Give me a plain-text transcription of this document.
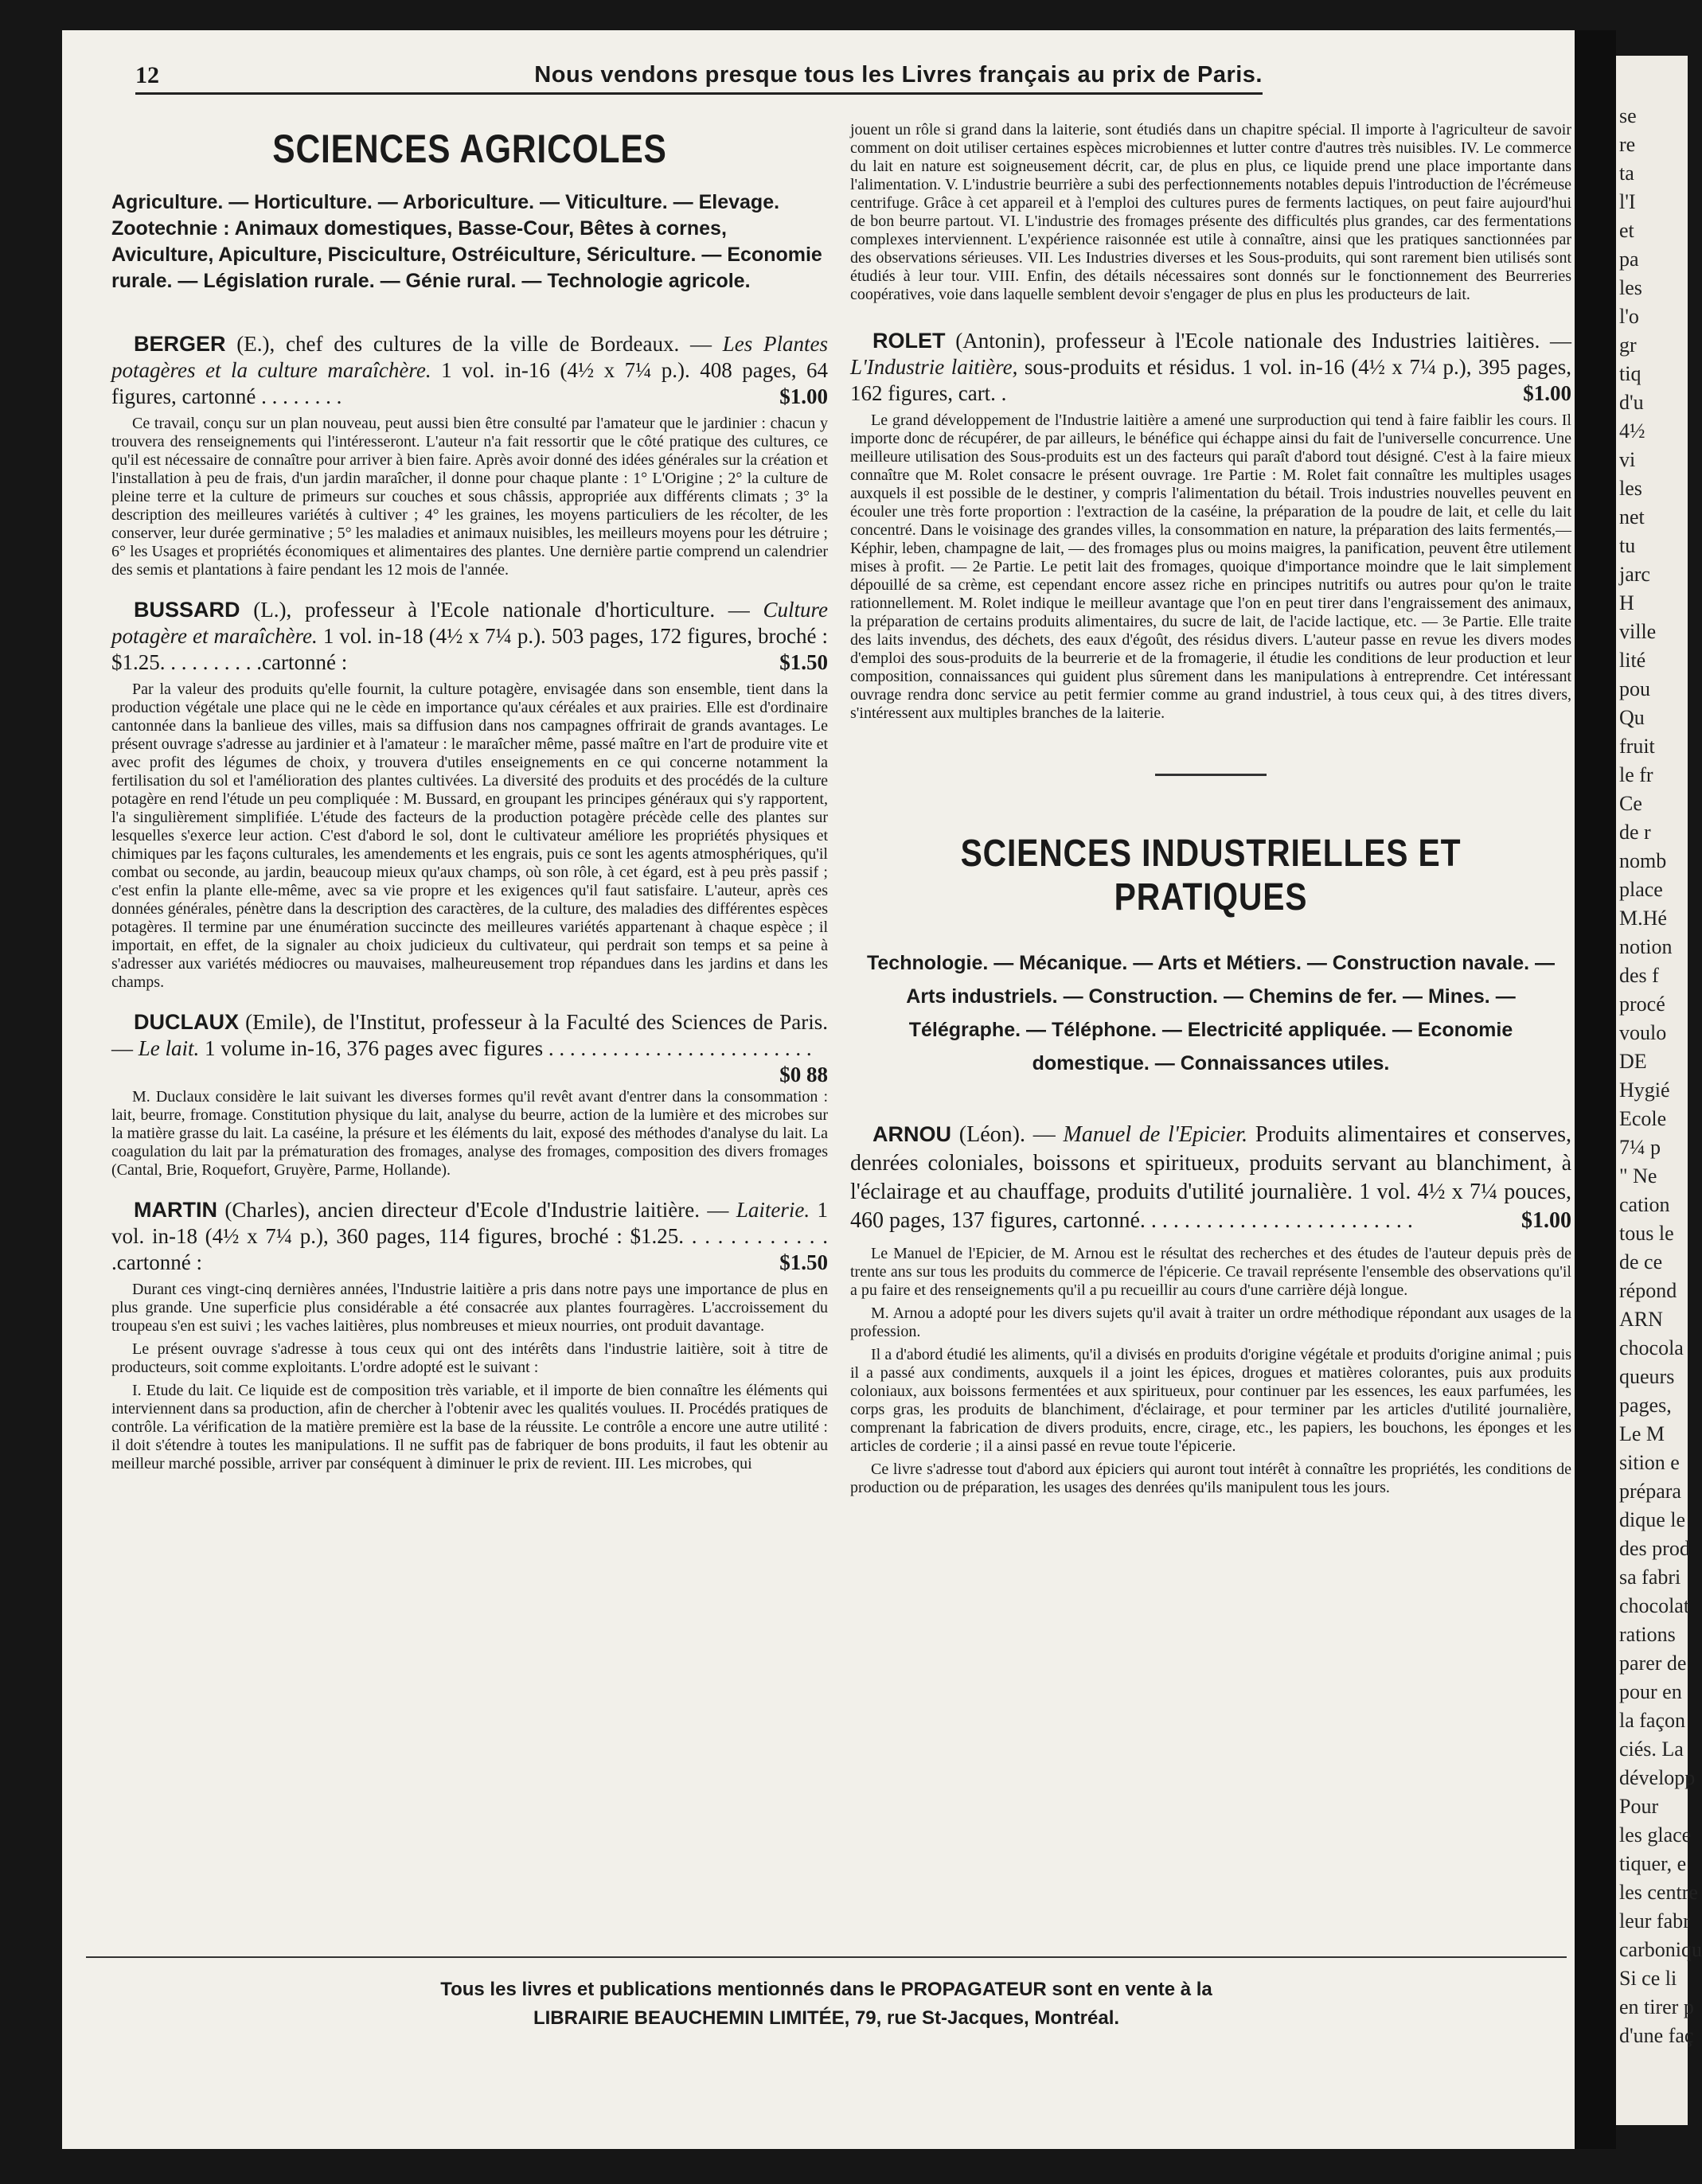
12	Nous vendons presque tous les Livres français au prix de Paris.
SCIENCES AGRICOLES
Agriculture. — Horticulture. — Arboriculture. — Viticulture. — Elevage. Zootechnie : Animaux domestiques, Basse-Cour, Bêtes à cornes, Aviculture, Apiculture, Pisciculture, Ostréiculture, Sériculture. — Economie rurale. — Législation rurale. — Génie rural. — Technologie agricole.
BERGER (E.), chef des cultures de la ville de Bordeaux. — Les Plantes potagères et la culture maraîchère. 1 vol. in-16 (4½ x 7¼ p.). 408 pages, 64 figures, cartonné . . . . . . . .	$1.00

Ce travail, conçu sur un plan nouveau, peut aussi bien être consulté par l'amateur que le jardinier : chacun y trouvera des renseignements qui l'intéresseront. L'auteur n'a fait ressortir que le côté pratique des cultures, ce qu'il est nécessaire de connaître pour arriver à bien faire. Après avoir donné des idées générales sur la création et l'installation à peu de frais, d'un jardin maraîcher, il donne pour chaque plante : 1° L'Origine ; 2° la culture de pleine terre et la culture de primeurs sur couches et sous châssis, appropriée aux différents climats ; 3° la description des meilleures variétés à cultiver ; 4° les graines, les moyens particuliers de les récolter, de les conserver, leur durée germinative ; 5° les maladies et animaux nuisibles, les meilleurs moyens pour les détruire ; 6° les Usages et propriétés économiques et alimentaires des plantes. Une dernière partie comprend un calendrier des semis et plantations à faire pendant les 12 mois de l'année.

BUSSARD (L.), professeur à l'Ecole nationale d'horticulture. — Culture potagère et maraîchère. 1 vol. in-18 (4½ x 7¼ p.). 503 pages, 172 figures, broché : $1.25. . . . . . . . . .cartonné :	$1.50

Par la valeur des produits qu'elle fournit, la culture potagère, envisagée dans son ensemble, tient dans la production végétale une place qui ne le cède en importance qu'aux céréales et aux prairies. Elle est d'ordinaire cantonnée dans la banlieue des villes, mais sa diffusion dans nos campagnes offrirait de grands avantages. Le présent ouvrage s'adresse au jardinier et à l'amateur : le maraîcher même, passé maître en l'art de produire vite et avec profit des légumes de choix, y trouvera d'utiles enseignements en ce qui concerne notamment la fertilisation du sol et l'amélioration des plantes cultivées. La diversité des produits et des procédés de la culture potagère en rend l'étude un peu compliquée : M. Bussard, en groupant les principes généraux qui s'y rapportent, l'a singulièrement simplifiée. L'étude des facteurs de la production potagère précède celle des plantes sur lesquelles s'exerce leur action. C'est d'abord le sol, dont le cultivateur améliore les propriétés physiques et chimiques par les façons culturales, les amendements et les engrais, puis ce sont les agents atmosphériques, qu'il combat ou seconde, au jardin, beaucoup mieux qu'aux champs, où son rôle, à cet égard, est à peu près passif ; c'est enfin la plante elle-même, avec sa vie propre et les exigences qu'il faut satisfaire. L'auteur, après ces données générales, pénètre dans la description des caractères, de la culture, des maladies des différentes espèces potagères. Il termine par une énumération succincte des meilleures variétés appartenant à chaque espèce ; il importait, en effet, de la signaler au choix judicieux du cultivateur, qui perdrait son temps et sa peine à s'adresser aux variétés médiocres ou mauvaises, malheureusement trop répandues dans les jardins et dans les champs.

DUCLAUX (Emile), de l'Institut, professeur à la Faculté des Sciences de Paris. — Le lait. 1 volume in-16, 376 pages avec figures . . . . . . . . . . . . . . . . . . . . . . . . .
$0 88

M. Duclaux considère le lait suivant les diverses formes qu'il revêt avant d'entrer dans la consommation : lait, beurre, fromage. Constitution physique du lait, analyse du beurre, action de la lumière et des microbes sur la matière grasse du lait. La caséine, la présure et les éléments du lait, exposé des méthodes d'analyse du lait. La coagulation du lait par la prématuration des fromages, analyse des fromages, composition des divers fromages (Cantal, Brie, Roquefort, Gruyère, Parme, Hollande).

MARTIN (Charles), ancien directeur d'Ecole d'Industrie laitière. — Laiterie. 1 vol. in-18 (4½ x 7¼ p.), 360 pages, 114 figures, broché : $1.25. . . . . . . . . . . . .cartonné :	$1.50

Durant ces vingt-cinq dernières années, l'Industrie laitière a pris dans notre pays une importance de plus en plus grande. Une superficie plus considérable a été consacrée aux plantes fourragères. L'accroissement du troupeau s'en est suivi ; les vaches laitières, plus nombreuses et mieux nourries, ont produit davantage.

Le présent ouvrage s'adresse à tous ceux qui ont des intérêts dans l'industrie laitière, soit à titre de producteurs, soit comme exploitants. L'ordre adopté est le suivant :

I. Etude du lait. Ce liquide est de composition très variable, et il importe de bien connaître les éléments qui interviennent dans sa production, afin de chercher à l'obtenir avec les qualités voulues. II. Procédés pratiques de contrôle. La vérification de la matière première est la base de la réussite. Le contrôle a encore une autre utilité : il doit s'étendre à toutes les manipulations. Il ne suffit pas de fabriquer de bons produits, il faut les obtenir au meilleur marché possible, arriver par conséquent à diminuer le prix de revient. III. Les microbes, qui

jouent un rôle si grand dans la laiterie, sont étudiés dans un chapitre spécial. Il importe à l'agriculteur de savoir comment on doit utiliser certaines espèces microbiennes et lutter contre d'autres très nuisibles. IV. Le commerce du lait en nature est soigneusement décrit, car, de plus en plus, ce liquide prend une place importante dans l'alimentation. V. L'industrie beurrière a subi des perfectionnements notables depuis l'introduction de l'écrémeuse centrifuge. Grâce à cet appareil et à l'emploi des cultures pures de ferments lactiques, on peut faire aujourd'hui de bon beurre partout. VI. L'industrie des fromages présente des difficultés plus grandes, car des fermentations complexes interviennent. L'expérience raisonnée est utile à connaître, ainsi que les pratiques sanctionnées par des observations sérieuses. VII. Les Industries diverses et les Sous-produits, qui sont rarement bien utilisés sont étudiés à leur tour. VIII. Enfin, des détails nécessaires sont donnés sur le fonctionnement des Beurreries coopératives, voie dans laquelle semblent devoir s'engager de plus en plus les producteurs de lait.
ROLET (Antonin), professeur à l'Ecole nationale des Industries laitières. — L'Industrie laitière, sous-produits et résidus. 1 vol. in-16 (4½ x 7¼ p.), 395 pages, 162 figures, cart. .	$1.00

Le grand développement de l'Industrie laitière a amené une surproduction qui tend à faire faiblir les cours. Il importe donc de récupérer, de par ailleurs, le bénéfice qui échappe ainsi du fait de l'universelle concurrence. Une meilleure utilisation des Sous-produits est un des facteurs qui paraît d'abord tout désigné. C'est à la faire mieux connaître que M. Rolet consacre le présent ouvrage. 1re Partie : M. Rolet fait connaître les multiples usages auxquels il est possible de le destiner, y compris l'alimentation du bétail. Trois industries nouvelles peuvent en écouler une très forte proportion : l'extraction de la caséine, la préparation de la poudre de lait, et celle du lait concentré. Dans le voisinage des grandes villes, la consommation en nature, la préparation des laits fermentés,— Képhir, leben, champagne de lait, — des fromages plus ou moins maigres, la panification, peuvent être utilement mises à profit. — 2e Partie. Le petit lait des fromages, quoique d'importance moindre que le lait simplement dépouillé de sa crème, est cependant encore assez riche en principes nutritifs ou autres pour qu'on le traite rationnellement. M. Rolet indique le meilleur avantage que l'on en peut tirer dans l'engraissement des animaux, la préparation de certains produits alimentaires, du sucre de lait, de l'acide lactique, etc. — 3e Partie. Elle traite des laits invendus, des déchets, des eaux d'égoût, des résidus divers. L'auteur passe en revue les divers modes d'emploi des sous-produits de la beurrerie et de la fromagerie, il étudie les conditions de leur production et leur composition, connaissances qui guident plus sûrement dans les manipulations à entreprendre. Cet intéressant ouvrage rendra donc service au petit fermier comme au grand industriel, à tous ceux qui, à des titres divers, s'intéressent aux multiples branches de la laiterie.

SCIENCES INDUSTRIELLES ET PRATIQUES
Technologie. — Mécanique. — Arts et Métiers. — Construction navale. — Arts industriels. — Construction. — Chemins de fer. — Mines. — Télégraphe. — Téléphone. — Electricité appliquée. — Economie domestique. — Connaissances utiles.
ARNOU (Léon). — Manuel de l'Epicier. Produits alimentaires et conserves, denrées coloniales, boissons et spiritueux, produits servant au blanchiment, à l'éclairage et au chauffage, produits d'utilité journalière. 1 vol. 4½ x 7¼ pouces, 460 pages, 137 figures, cartonné. . . . . . . . . . . . . . . . . . . . . . . . .	$1.00

Le Manuel de l'Epicier, de M. Arnou est le résultat des recherches et des études de l'auteur depuis près de trente ans sur tous les produits du commerce de l'épicerie. Ce travail représente l'ensemble des observations qu'il a pu faire et des renseignements qu'il a pu recueillir au cours d'une carrière déjà longue.

M. Arnou a adopté pour les divers sujets qu'il avait à traiter un ordre méthodique répondant aux usages de la profession.

Il a d'abord étudié les aliments, qu'il a divisés en produits d'origine végétale et produits d'origine animal ; puis il a passé aux condiments, auxquels il a joint les épices, drogues et matières colorantes, puis aux produits coloniaux, aux boissons fermentées et aux spiritueux, pour continuer par les essences, les eaux parfumées, les corps gras, les produits de blanchiment, d'éclairage, et pour terminer par les articles d'utilité journalière, comprenant la fabrication de divers produits, encre, cirage, etc., les papiers, les bouchons, les éponges et les articles de corderie ; il a ainsi passé en revue toute l'épicerie.

Ce livre s'adresse tout d'abord aux épiciers qui auront tout intérêt à connaître les propriétés, les conditions de production ou de préparation, les usages des denrées qu'ils manipulent tous les jours.

Tous les livres et publications mentionnés dans le PROPAGATEUR sont en vente à la
LIBRAIRIE BEAUCHEMIN LIMITÉE, 79, rue St-Jacques, Montréal.
se
re
ta
l'I
et
pa
les
l'o
gr
tiq
d'u
4½
vi
les
net
tu
jarc
H
ville
lité
pou
Qu
fruit
le fr
Ce
de r
nomb
place
M.Hé
notion
des f
procé
voulo
DE
Hygié
Ecole
7¼ p
" Ne
cation
tous le
de ce
répond
ARN
chocola
queurs
pages,
Le M
sition e
prépara
dique le
des prod
sa fabri
chocolat
rations
parer de
pour en
la façon
ciés. La
développ
Pour
les glace
tiquer, e
les centre
leur fabr
carboniqu
Si ce li
en tirer p
d'une faç
